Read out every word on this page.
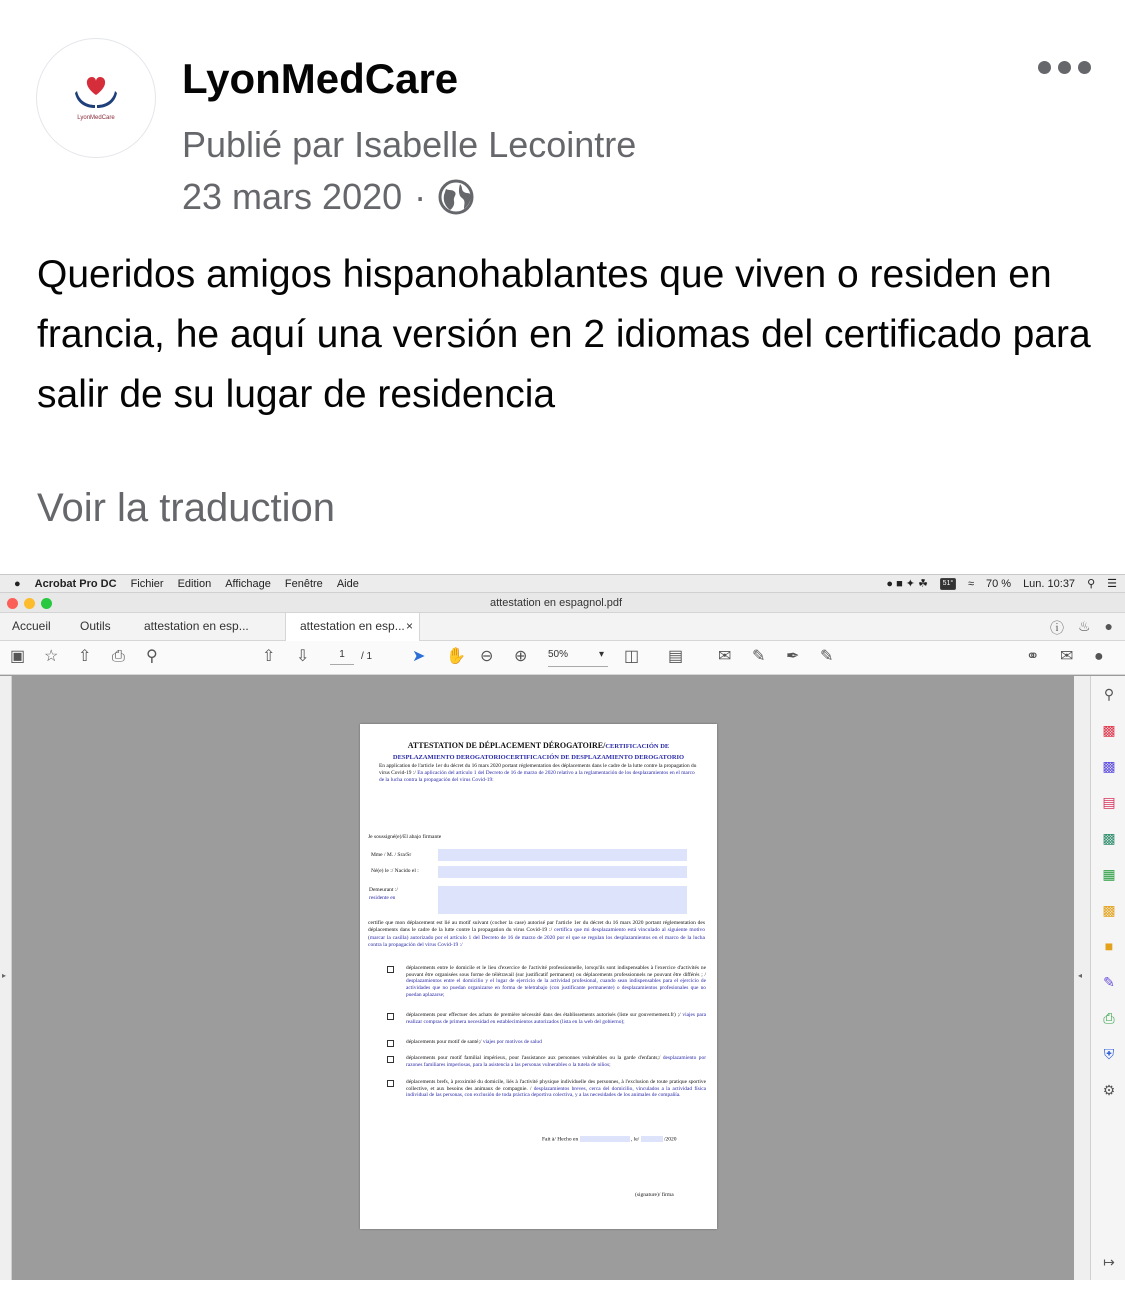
LyonMedCare
LyonMedCare
Publié par Isabelle Lecointre
23 mars 2020 ·
Queridos amigos hispanohablantes que viven o residen en francia, he aquí una versión en 2 idiomas del certificado para salir de su lugar de residencia
Voir la traduction
● Acrobat Pro DC Fichier Edition Affichage Fenêtre Aide	● ■ ✦ ☘	51° ≈ 70 % Lun. 10:37 ⚲ ☰
attestation en espagnol.pdf
Accueil Outils	attestation en esp...	attestation en esp... ×	ⓘ ♨ ●
▣ ☆ ⇧ ⎙ ⚲	⇧ ⇩	1	/ 1 ➤ ✋ ⊖ ⊕ 50%	▾ ◫ ▤ ✉ ✎ ✒ ✎	⚭ ✉ ●
▸	◂
⚲
▩
▩
▤
▩
▦
▩
■
✎
⎙
⛨
⚙
↦
ATTESTATION DE DÉPLACEMENT DÉROGATOIRE/CERTIFICACIÓN DE
DESPLAZAMIENTO DEROGATORIOCERTIFICACIÓN DE DESPLAZAMIENTO DEROGATORIO
En application de l'article 1er du décret du 16 mars 2020 portant réglementation des déplacements dans le cadre de la lutte contre la propagation du virus Covid-19 :/ En aplicación del artículo 1 del Decreto de 16 de marzo de 2020 relativo a la reglamentación de los desplazamientos en el marco de la lucha contra la propagación del virus Covid-19:
Je soussigné(e)/El abajo firmante
Mme / M. / Sra/Sr
Né(e) le :/ Nacido el :
Demeurant :/
residente en
certifie que mon déplacement est lié au motif suivant (cocher la case) autorisé par l'article 1er du décret du 16 mars 2020 portant réglementation des déplacements dans le cadre de la lutte contre la propagation du virus Covid-19 :/ certifica que mi desplazamiento está vinculado al siguiente motivo (marcar la casilla) autorizado por el artículo 1 del Decreto de 16 de marzo de 2020 por el que se regulan los desplazamientos en el marco de la lucha contra la propagación del virus Covid-19 :/
déplacements entre le domicile et le lieu d'exercice de l'activité professionnelle, lorsqu'ils sont indispensables à l'exercice d'activités ne pouvant être organisées sous forme de télétravail (sur justificatif permanent) ou déplacements professionnels ne pouvant être différés ; / desplazamientos entre el domicilio y el lugar de ejercicio de la actividad profesional, cuando sean indispensables para el ejercicio de actividades que no puedan organizarse en forma de teletrabajo (con justificante permanente) o desplazamientos profesionales que no puedan aplazarse;
déplacements pour effectuer des achats de première nécessité dans des établissements autorisés (liste sur gouvernement.fr) ;/ viajes para realizar compras de primera necesidad en establecimientos autorizados (lista en la web del gobierno);
déplacements pour motif de santé;/ viajes por motivos de salud
déplacements pour motif familial impérieux, pour l'assistance aux personnes vulnérables ou la garde d'enfants;/ desplazamiento por razones familiares imperiosas, para la asistencia a las personas vulnerables o la tutela de niños;
déplacements brefs, à proximité du domicile, liés à l'activité physique individuelle des personnes, à l'exclusion de toute pratique sportive collective, et aux besoins des animaux de compagnie. / desplazamientos breves, cerca del domicilio, vinculados a la actividad física individual de las personas, con exclusión de toda práctica deportiva colectiva, y a las necesidades de los animales de compañía.
Fait à/ Hecho en	, le/	/2020
(signature)/ firma
